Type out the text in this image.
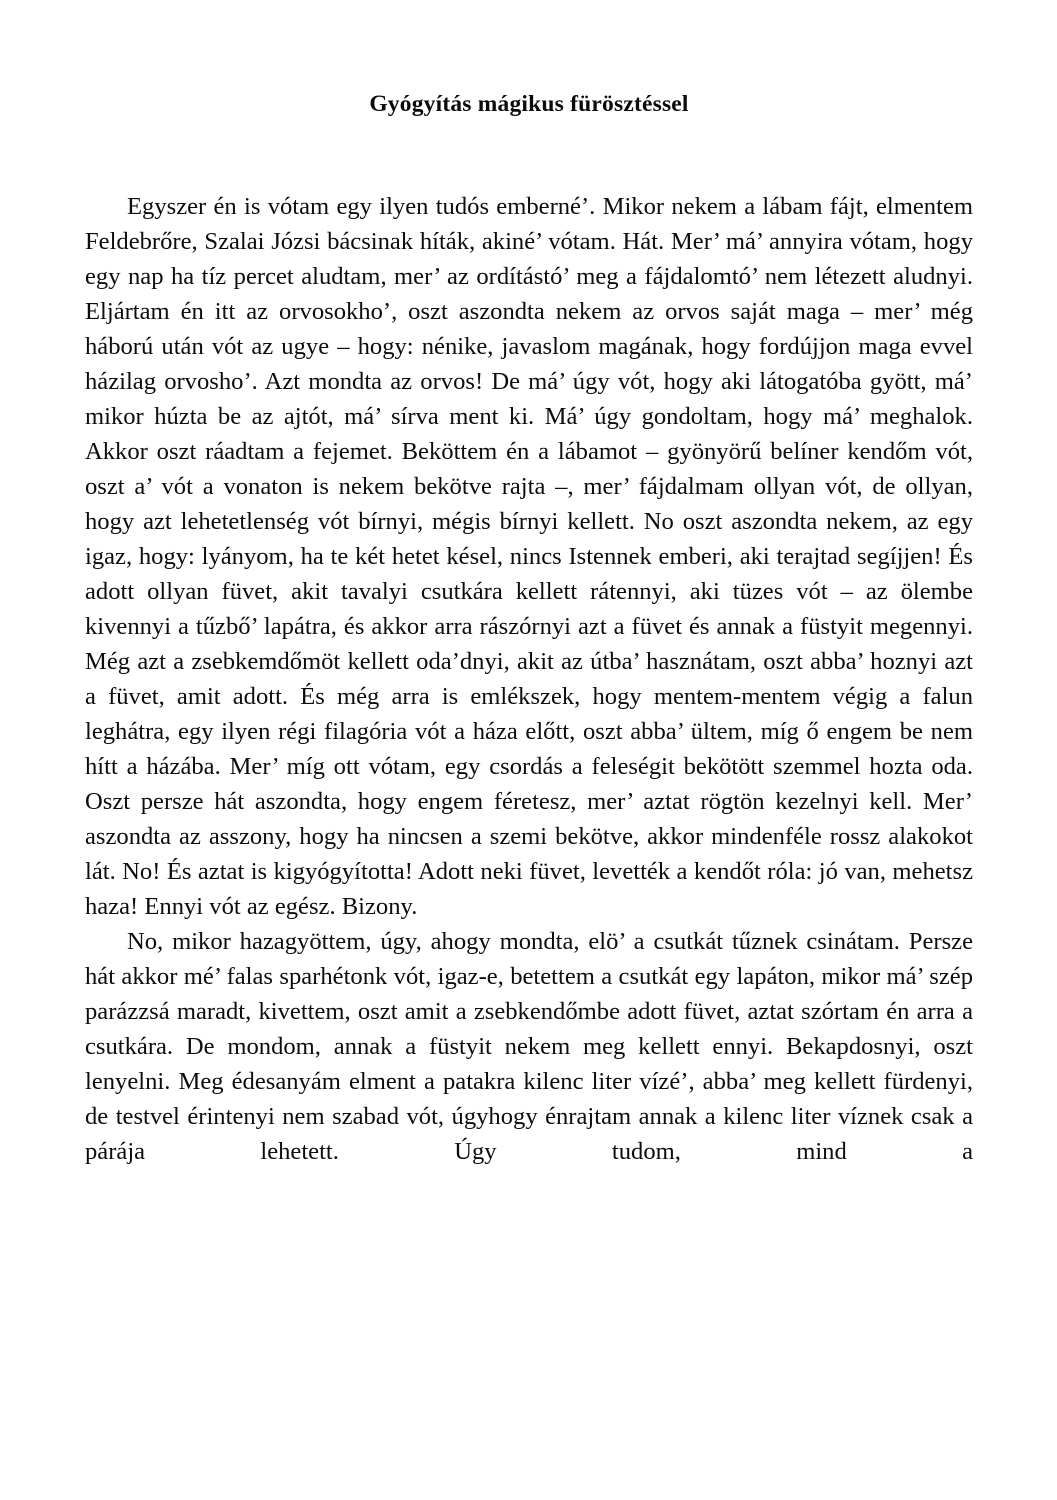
Gyógyítás mágikus fürösztéssel

Egyszer én is vótam egy ilyen tudós emberné’. Mikor nekem a lábam fájt, elmentem Feldebrőre, Szalai Józsi bácsinak híták, akiné’ vótam. Hát. Mer’ má’ annyira vótam, hogy egy nap ha tíz percet aludtam, mer’ az ordítástó’ meg a fájdalomtó’ nem létezett aludnyi. Eljártam én itt az orvosokho’, oszt aszondta nekem az orvos saját maga – mer’ még háború után vót az ugye – hogy: nénike, javaslom magának, hogy fordújjon maga evvel házilag orvosho’. Azt mondta az orvos! De má’ úgy vót, hogy aki látogatóba gyött, má’ mikor húzta be az ajtót, má’ sírva ment ki. Má’ úgy gondoltam, hogy má’ meghalok. Akkor oszt ráadtam a fejemet. Beköttem én a lábamot – gyönyörű belíner kendőm vót, oszt a’ vót a vonaton is nekem bekötve rajta –, mer’ fájdalmam ollyan vót, de ollyan, hogy azt lehetetlenség vót bírnyi, mégis bírnyi kellett. No oszt aszondta nekem, az egy igaz, hogy: lyányom, ha te két hetet késel, nincs Istennek emberi, aki terajtad segíjjen! És adott ollyan füvet, akit tavalyi csutkára kellett rátennyi, aki tüzes vót – az ölembe kivennyi a tűzbő’ lapátra, és akkor arra rászórnyi azt a füvet és annak a füstyit megennyi. Még azt a zsebkemdőmöt kellett oda’dnyi, akit az útba’ hasznátam, oszt abba’ hoznyi azt a füvet, amit adott. És még arra is emlékszek, hogy mentem-mentem végig a falun leghátra, egy ilyen régi filagória vót a háza előtt, oszt abba’ ültem, míg ő engem be nem hítt a házába. Mer’ míg ott vótam, egy csordás a feleségit bekötött szemmel hozta oda. Oszt persze hát aszondta, hogy engem féretesz, mer’ aztat rögtön kezelnyi kell. Mer’ aszondta az asszony, hogy ha nincsen a szemi bekötve, akkor mindenféle rossz alakokot lát. No! És aztat is kigyógyította! Adott neki füvet, levették a kendőt róla: jó van, mehetsz haza! Ennyi vót az egész. Bizony.

No, mikor hazagyöttem, úgy, ahogy mondta, elö’ a csutkát tűznek csinátam. Persze hát akkor mé’ falas sparhétonk vót, igaz-e, betettem a csutkát egy lapáton, mikor má’ szép parázzsá maradt, kivettem, oszt amit a zsebkendőmbe adott füvet, aztat szórtam én arra a csutkára. De mondom, annak a füstyit nekem meg kellett ennyi. Bekapdosnyi, oszt lenyelni. Meg édesanyám elment a patakra kilenc liter vízé’, abba’ meg kellett fürdenyi, de testvel érintenyi nem szabad vót, úgyhogy énrajtam annak a kilenc liter víznek csak a párája lehetett. Úgy tudom, mind a
